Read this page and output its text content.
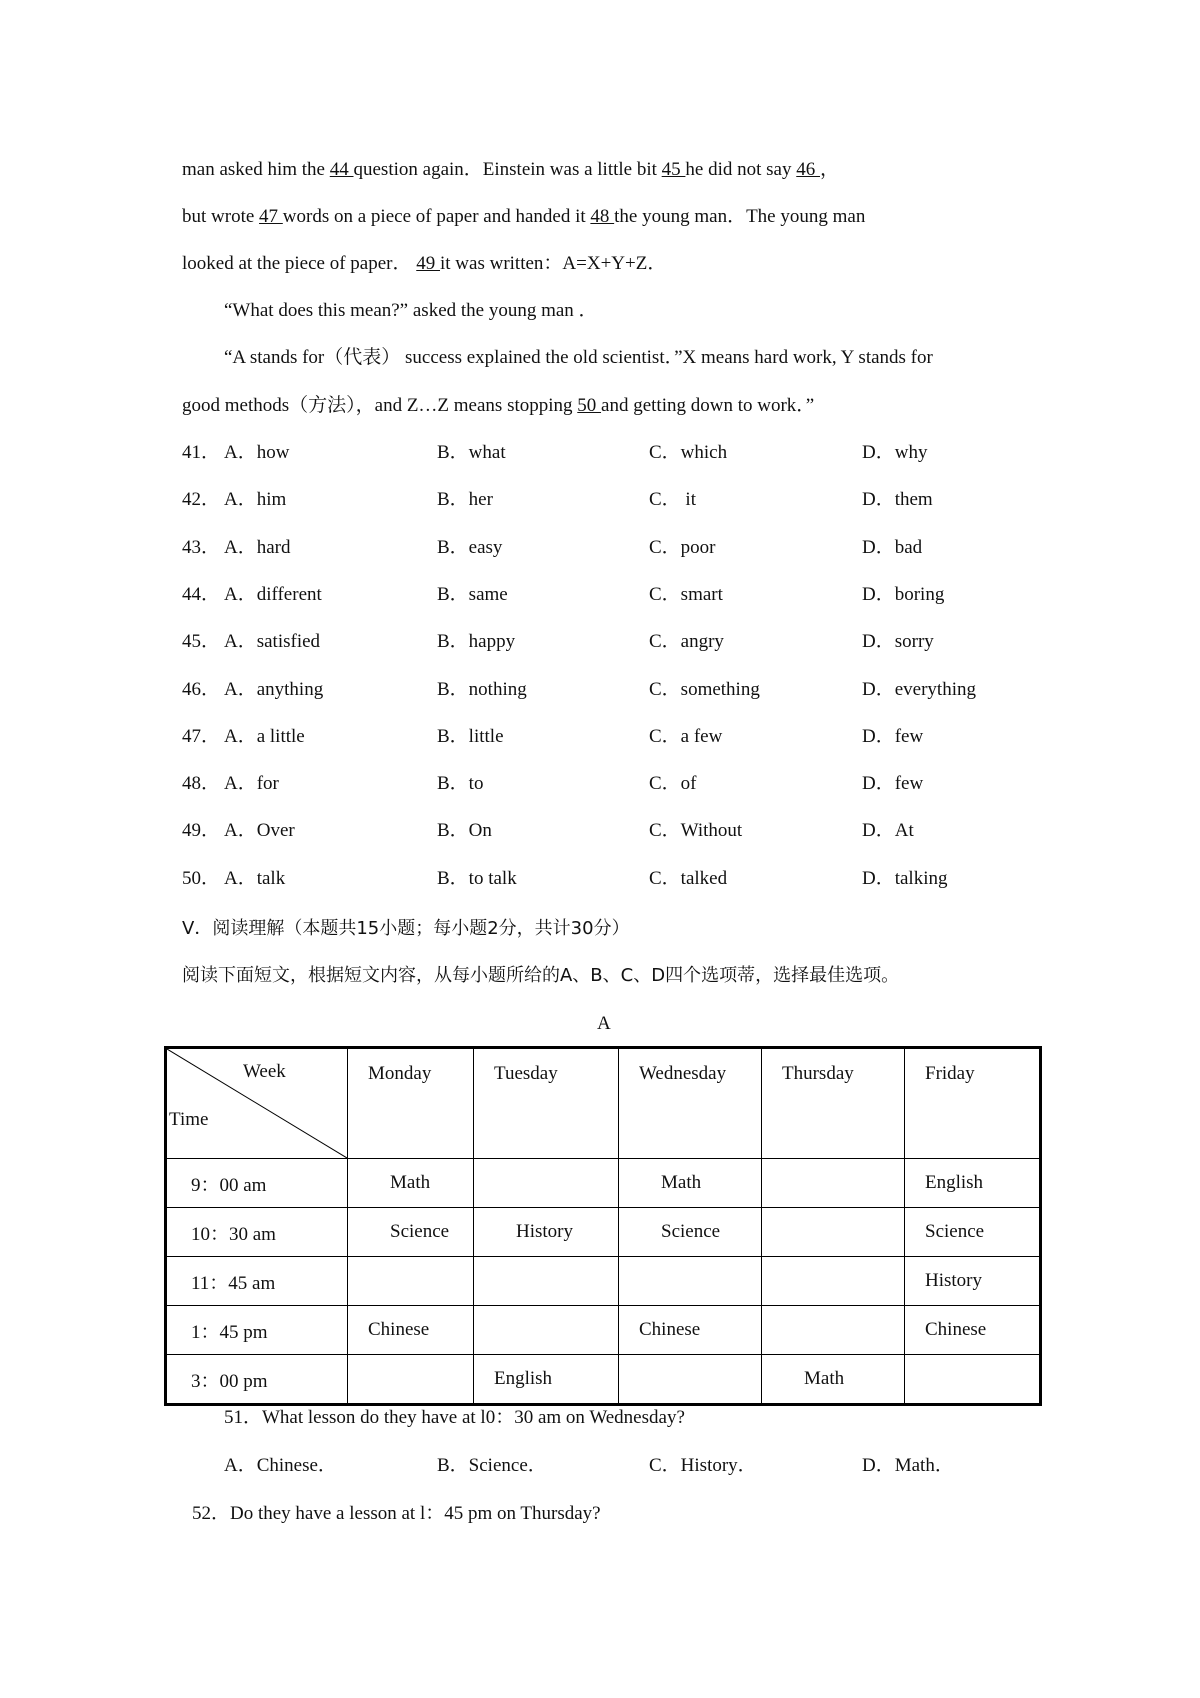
man asked him the 44 question again．Einstein was a little bit 45 he did not say 46 ，
but wrote 47 words on a piece of paper and handed it 48 the young man．The young man
looked at the piece of paper． 49 it was written：A=X+Y+Z．
“What does this mean?” asked the young man ．
“A stands for（代表） success explained the old scientist．”X means hard work, Y stands for
good methods（方法），and Z…Z means stopping 50 and getting down to work．”
41． A．how	B．what	C．which	D．why
42． A．him	B．her	C． it	D．them
43． A．hard	B．easy	C．poor	D．bad
44． A．different	B．same	C．smart	D．boring
45． A．satisfied	B．happy	C．angry	D．sorry
46． A．anything	B．nothing	C．something	D．everything
47． A．a little	B．little	C．a few	D．few
48． A．for	B．to	C．of	D．few
49． A．Over	B．On	C．Without	D．At
50． A．talk	B．to talk	C．talked	D．talking
V．阅读理解（本题共15小题；每小题2分，共计30分）
阅读下面短文，根据短文内容，从每小题所给的A、B、C、D四个选项蒂，选择最佳选项。
A
Week
Time	Monday	Tuesday	Wednesday	Thursday	Friday
9：00 am	Math		Math		English
10：30 am	Science	History	Science		Science
11：45 am					History
1：45 pm	Chinese		Chinese		Chinese
3：00 pm		English		Math	
51．What lesson do they have at l0：30 am on Wednesday?
A．Chinese．	B．Science．	C．History．	D．Math．
52．Do they have a lesson at l：45 pm on Thursday?
